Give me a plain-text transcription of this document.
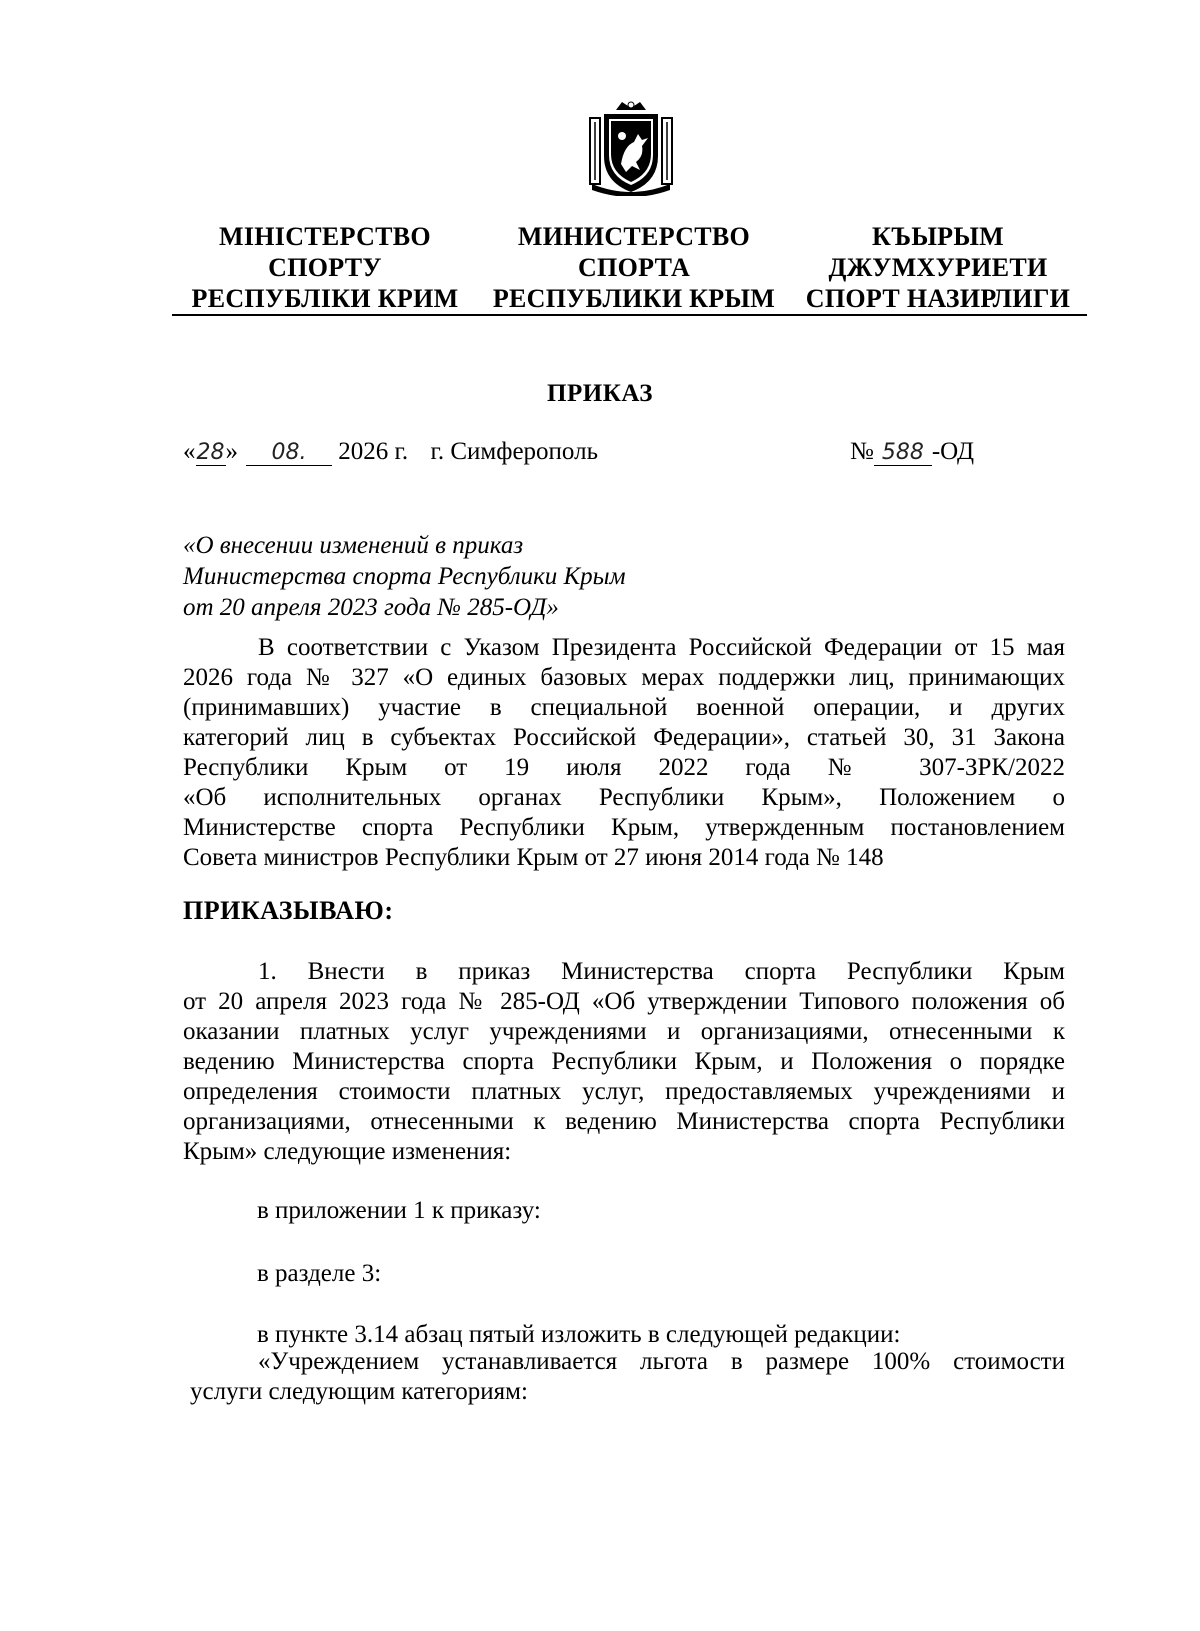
МІНІСТЕРСТВО
СПОРТУ
РЕСПУБЛІКИ КРИМ
МИНИСТЕРСТВО
СПОРТА
РЕСПУБЛИКИ КРЫМ
КЪЫРЫМ
ДЖУМХУРИЕТИ
СПОРТ НАЗИРЛИГИ
ПРИКАЗ
«28» 08. 2026 г. г. Симферополь	№ 588 -ОД
«О внесении изменений в приказ
Министерства спорта Республики Крым
от 20 апреля 2023 года № 285-ОД»
В соответствии с Указом Президента Российской Федерации от 15 мая
2026 года № 327 «О единых базовых мерах поддержки лиц, принимающих
(принимавших) участие в специальной военной операции, и других
категорий лиц в субъектах Российской Федерации», статьей 30, 31 Закона
Республики Крым от 19 июля 2022 года № 307-ЗРК/2022
«Об исполнительных органах Республики Крым», Положением о
Министерстве спорта Республики Крым, утвержденным постановлением
Совета министров Республики Крым от 27 июня 2014 года № 148
ПРИКАЗЫВАЮ:
1. Внести в приказ Министерства спорта Республики Крым
от 20 апреля 2023 года № 285-ОД «Об утверждении Типового положения об
оказании платных услуг учреждениями и организациями, отнесенными к
ведению Министерства спорта Республики Крым, и Положения о порядке
определения стоимости платных услуг, предоставляемых учреждениями и
организациями, отнесенными к ведению Министерства спорта Республики
Крым» следующие изменения:
в приложении 1 к приказу:
в разделе 3:
в пункте 3.14 абзац пятый изложить в следующей редакции:
«Учреждением устанавливается льгота в размере 100% стоимости
услуги следующим категориям:
